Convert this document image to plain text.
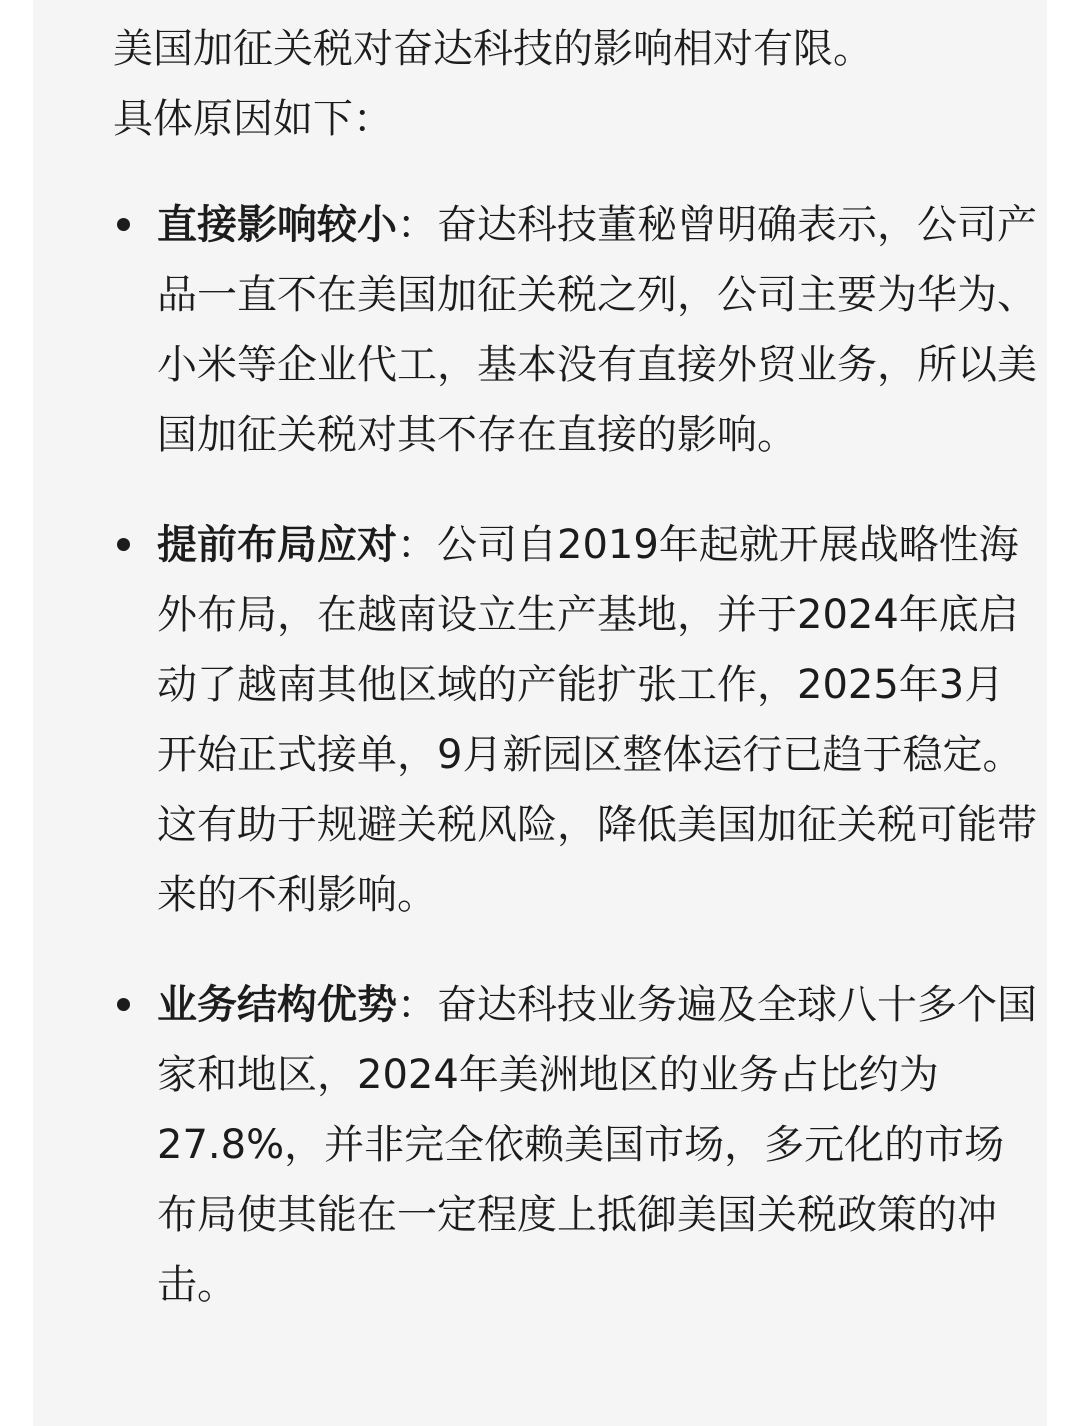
美国加征关税对奋达科技的影响相对有限。

具体原因如下：

直接影响较小：奋达科技董秘曾明确表示，公司产品一直不在美国加征关税之列，公司主要为华为、小米等企业代工，基本没有直接外贸业务，所以美国加征关税对其不存在直接的影响。
提前布局应对：公司自2019年起就开展战略性海外布局，在越南设立生产基地，并于2024年底启动了越南其他区域的产能扩张工作，2025年3月开始正式接单，9月新园区整体运行已趋于稳定。这有助于规避关税风险，降低美国加征关税可能带来的不利影响。
业务结构优势：奋达科技业务遍及全球八十多个国家和地区，2024年美洲地区的业务占比约为27.8%，并非完全依赖美国市场，多元化的市场布局使其能在一定程度上抵御美国关税政策的冲击。
